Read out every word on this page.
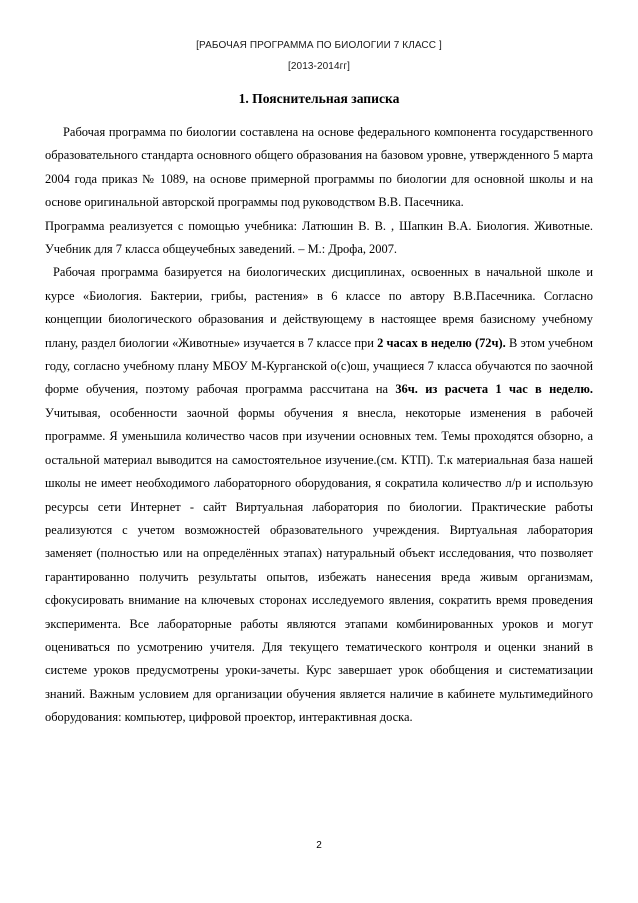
[РАБОЧАЯ ПРОГРАММА ПО БИОЛОГИИ 7 КЛАСС ]
[2013-2014гг]
1. Пояснительная записка

Рабочая программа по биологии составлена на основе федерального компонента государственного образовательного стандарта основного общего образования на базовом уровне, утвержденного 5 марта 2004 года приказ № 1089, на основе примерной программы по биологии для основной школы и на основе оригинальной авторской программы под руководством В.В. Пасечника.

Программа реализуется с помощью учебника: Латюшин В. В. , Шапкин В.А. Биология. Животные. Учебник для 7 класса общеучебных заведений. – М.: Дрофа, 2007.

Рабочая программа базируется на биологических дисциплинах, освоенных в начальной школе и курсе «Биология. Бактерии, грибы, растения» в 6 классе по автору В.В.Пасечника. Согласно концепции биологического образования и действующему в настоящее время базисному учебному плану, раздел биологии «Животные» изучается в 7 классе при 2 часах в неделю (72ч). В этом учебном году, согласно учебному плану МБОУ М-Курганской о(с)ош, учащиеся 7 класса обучаются по заочной форме обучения, поэтому рабочая программа рассчитана на 36ч. из расчета 1 час в неделю. Учитывая, особенности заочной формы обучения я внесла, некоторые изменения в рабочей программе. Я уменьшила количество часов при изучении основных тем. Темы проходятся обзорно, а остальной материал выводится на самостоятельное изучение.(см. КТП). Т.к материальная база нашей школы не имеет необходимого лабораторного оборудования, я сократила количество л/р и использую ресурсы сети Интернет - сайт Виртуальная лаборатория по биологии. Практические работы реализуются с учетом возможностей образовательного учреждения. Виртуальная лаборатория заменяет (полностью или на определённых этапах) натуральный объект исследования, что позволяет гарантированно получить результаты опытов, избежать нанесения вреда живым организмам, сфокусировать внимание на ключевых сторонах исследуемого явления, сократить время проведения эксперимента. Все лабораторные работы являются этапами комбинированных уроков и могут оцениваться по усмотрению учителя. Для текущего тематического контроля и оценки знаний в системе уроков предусмотрены уроки-зачеты. Курс завершает урок обобщения и систематизации знаний. Важным условием для организации обучения является наличие в кабинете мультимедийного оборудования: компьютер, цифровой проектор, интерактивная доска.

2
